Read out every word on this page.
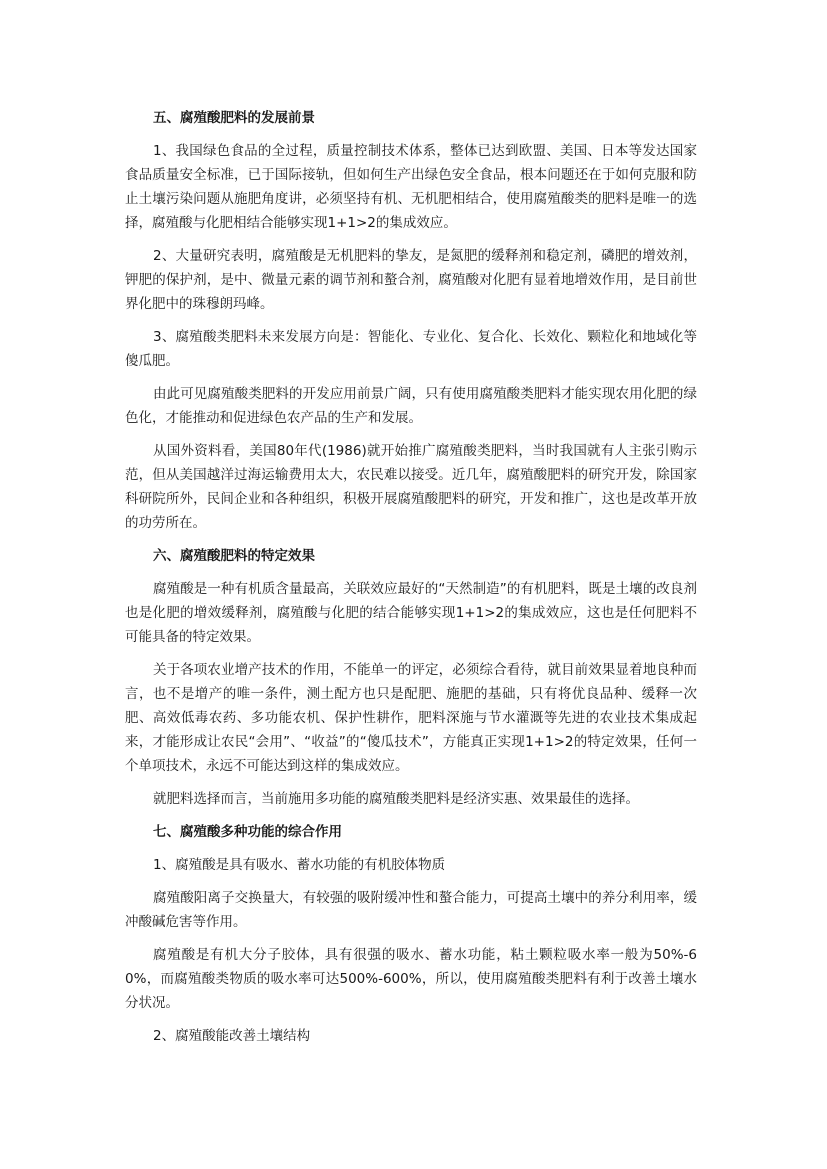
五、腐殖酸肥料的发展前景
1、我国绿色食品的全过程，质量控制技术体系，整体已达到欧盟、美国、日本等发达国家食品质量安全标准，已于国际接轨，但如何生产出绿色安全食品，根本问题还在于如何克服和防止土壤污染问题从施肥角度讲，必须坚持有机、无机肥相结合，使用腐殖酸类的肥料是唯一的选择，腐殖酸与化肥相结合能够实现1+1>2的集成效应。
2、大量研究表明，腐殖酸是无机肥料的挚友，是氮肥的缓释剂和稳定剂，磷肥的增效剂，钾肥的保护剂，是中、微量元素的调节剂和螯合剂，腐殖酸对化肥有显着地增效作用，是目前世界化肥中的珠穆朗玛峰。
3、腐殖酸类肥料未来发展方向是：智能化、专业化、复合化、长效化、颗粒化和地域化等傻瓜肥。
由此可见腐殖酸类肥料的开发应用前景广阔，只有使用腐殖酸类肥料才能实现农用化肥的绿色化，才能推动和促进绿色农产品的生产和发展。
从国外资料看，美国80年代(1986)就开始推广腐殖酸类肥料，当时我国就有人主张引购示范，但从美国越洋过海运输费用太大，农民难以接受。近几年，腐殖酸肥料的研究开发，除国家科研院所外，民间企业和各种组织，积极开展腐殖酸肥料的研究，开发和推广，这也是改革开放的功劳所在。
六、腐殖酸肥料的特定效果
腐殖酸是一种有机质含量最高，关联效应最好的“天然制造”的有机肥料，既是土壤的改良剂也是化肥的增效缓释剂，腐殖酸与化肥的结合能够实现1+1>2的集成效应，这也是任何肥料不可能具备的特定效果。
关于各项农业增产技术的作用，不能单一的评定，必须综合看待，就目前效果显着地良种而言，也不是增产的唯一条件，测土配方也只是配肥、施肥的基础，只有将优良品种、缓释一次肥、高效低毒农药、多功能农机、保护性耕作，肥料深施与节水灌溉等先进的农业技术集成起来，才能形成让农民“会用”、“收益”的“傻瓜技术”，方能真正实现1+1>2的特定效果，任何一个单项技术，永远不可能达到这样的集成效应。
就肥料选择而言，当前施用多功能的腐殖酸类肥料是经济实惠、效果最佳的选择。
七、腐殖酸多种功能的综合作用
1、腐殖酸是具有吸水、蓄水功能的有机胶体物质
腐殖酸阳离子交换量大，有较强的吸附缓冲性和螯合能力，可提高土壤中的养分利用率，缓冲酸碱危害等作用。
腐殖酸是有机大分子胶体，具有很强的吸水、蓄水功能，粘土颗粒吸水率一般为50%-60%，而腐殖酸类物质的吸水率可达500%-600%，所以，使用腐殖酸类肥料有利于改善土壤水分状况。
2、腐殖酸能改善土壤结构
